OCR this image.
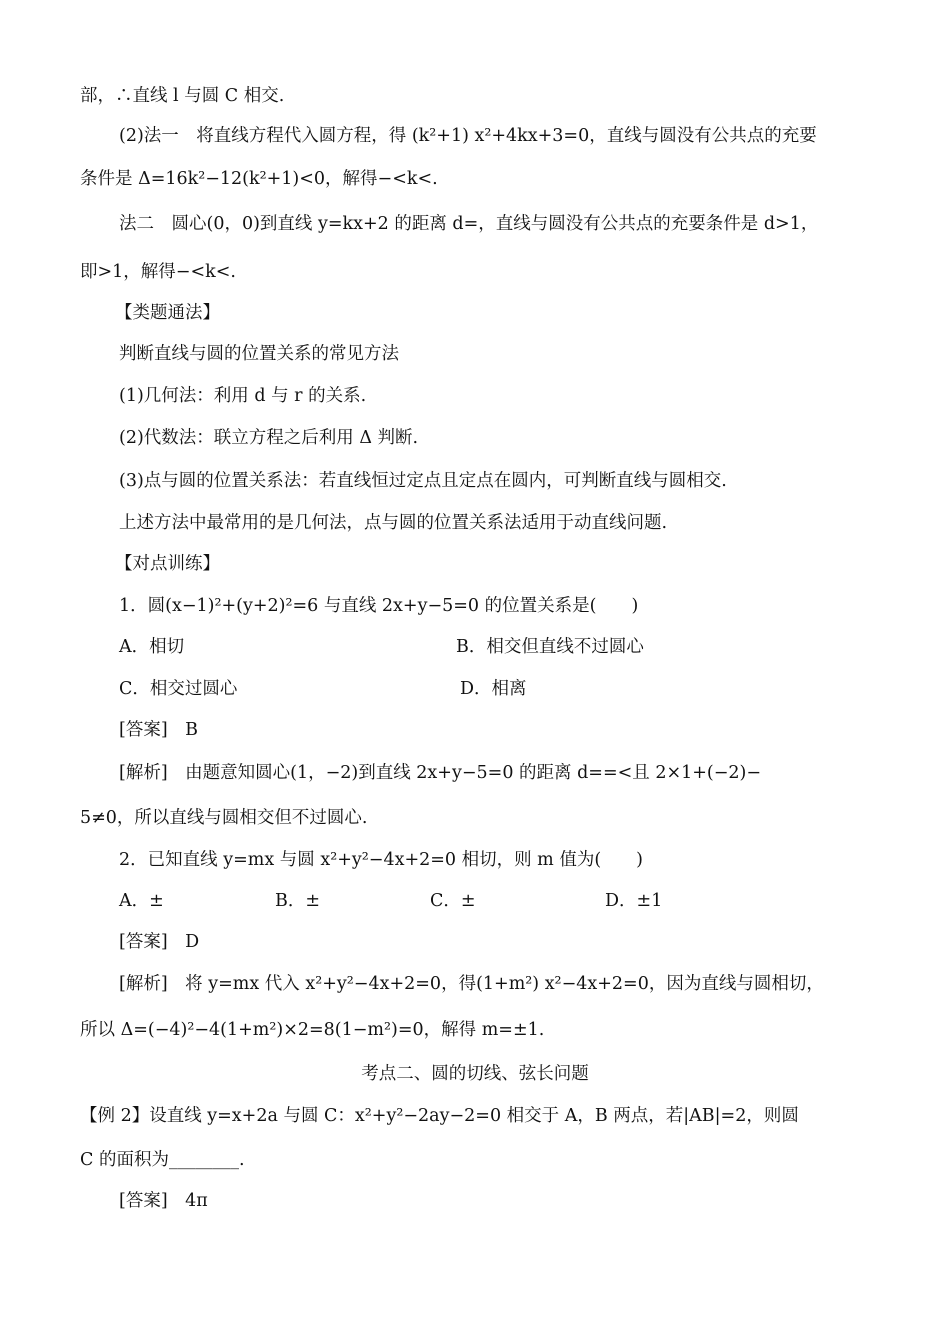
部，∴直线 l 与圆 C 相交.
(2)法一　将直线方程代入圆方程，得 (k²+1) x²+4kx+3=0，直线与圆没有公共点的充要
条件是 Δ=16k²−12(k²+1)<0，解得−<k<.
法二　圆心(0，0)到直线 y=kx+2 的距离 d=，直线与圆没有公共点的充要条件是 d>1，
即>1，解得−<k<.
【类题通法】
判断直线与圆的位置关系的常见方法
(1)几何法：利用 d 与 r 的关系.
(2)代数法：联立方程之后利用 Δ 判断.
(3)点与圆的位置关系法：若直线恒过定点且定点在圆内，可判断直线与圆相交.
上述方法中最常用的是几何法，点与圆的位置关系法适用于动直线问题.
【对点训练】
1．圆(x−1)²+(y+2)²=6 与直线 2x+y−5=0 的位置关系是(　　)
A．相切	B．相交但直线不过圆心
C．相交过圆心	D．相离
[答案]　B
[解析]　由题意知圆心(1，−2)到直线 2x+y−5=0 的距离 d==<且 2×1+(−2)−
5≠0，所以直线与圆相交但不过圆心.
2．已知直线 y=mx 与圆 x²+y²−4x+2=0 相切，则 m 值为(　　)
A．±	B．±	C．±	D．±1
[答案]　D
[解析]　将 y=mx 代入 x²+y²−4x+2=0，得(1+m²) x²−4x+2=0，因为直线与圆相切，
所以 Δ=(−4)²−4(1+m²)×2=8(1−m²)=0，解得 m=±1.
考点二、圆的切线、弦长问题
【例 2】设直线 y=x+2a 与圆 C：x²+y²−2ay−2=0 相交于 A，B 两点，若|AB|=2，则圆
C 的面积为________.
[答案]　4π
